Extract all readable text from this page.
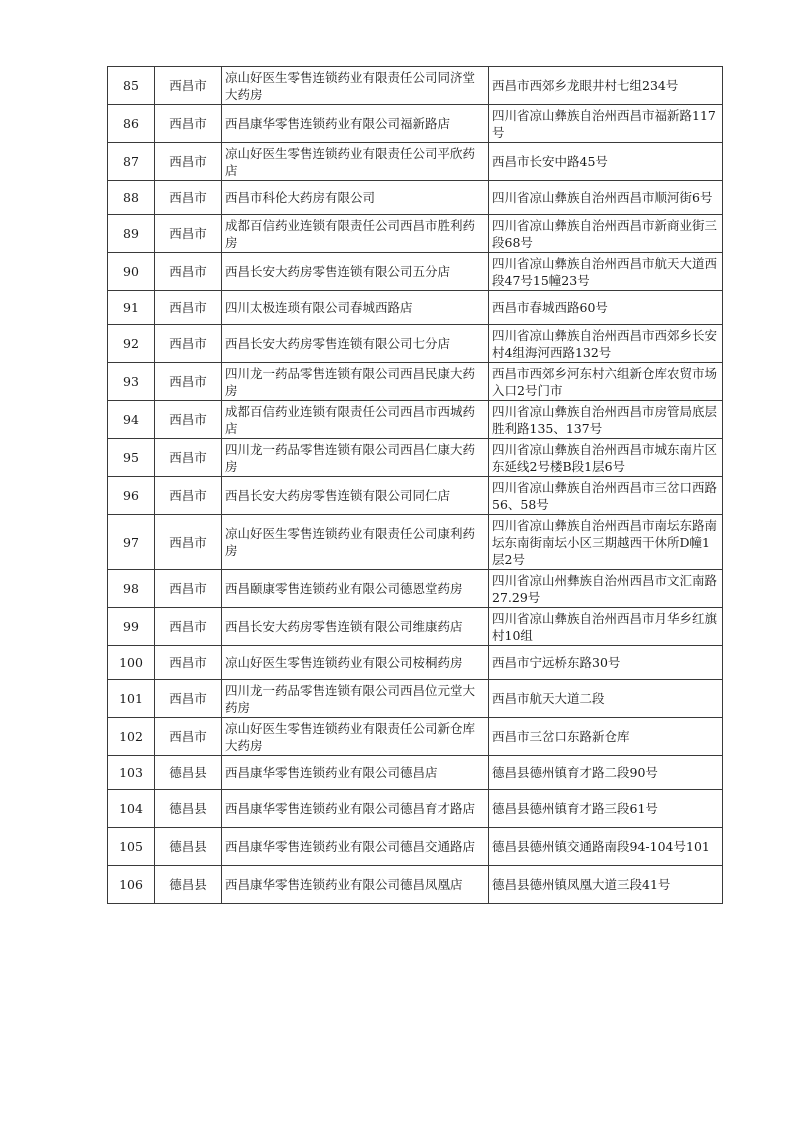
85	西昌市	凉山好医生零售连锁药业有限责任公司同济堂大药房	西昌市西郊乡龙眼井村七组234号
86	西昌市	西昌康华零售连锁药业有限公司福新路店	四川省凉山彝族自治州西昌市福新路117号
87	西昌市	凉山好医生零售连锁药业有限责任公司平欣药店	西昌市长安中路45号
88	西昌市	西昌市科伦大药房有限公司	四川省凉山彝族自治州西昌市顺河街6号
89	西昌市	成都百信药业连锁有限责任公司西昌市胜利药房	四川省凉山彝族自治州西昌市新商业街三段68号
90	西昌市	西昌长安大药房零售连锁有限公司五分店	四川省凉山彝族自治州西昌市航天大道西段47号15幢23号
91	西昌市	四川太极连琐有限公司春城西路店	西昌市春城西路60号
92	西昌市	西昌长安大药房零售连锁有限公司七分店	四川省凉山彝族自治州西昌市西郊乡长安村4组海河西路132号
93	西昌市	四川龙一药品零售连锁有限公司西昌民康大药房	西昌市西郊乡河东村六组新仓库农贸市场入口2号门市
94	西昌市	成都百信药业连锁有限责任公司西昌市西城药店	四川省凉山彝族自治州西昌市房管局底层胜利路135、137号
95	西昌市	四川龙一药品零售连锁有限公司西昌仁康大药房	四川省凉山彝族自治州西昌市城东南片区东延线2号楼B段1层6号
96	西昌市	西昌长安大药房零售连锁有限公司同仁店	四川省凉山彝族自治州西昌市三岔口西路56、58号
97	西昌市	凉山好医生零售连锁药业有限责任公司康利药房	四川省凉山彝族自治州西昌市南坛东路南坛东南街南坛小区三期越西干休所D幢1层2号
98	西昌市	西昌颐康零售连锁药业有限公司德恩堂药房	四川省凉山州彝族自治州西昌市文汇南路27.29号
99	西昌市	西昌长安大药房零售连锁有限公司维康药店	四川省凉山彝族自治州西昌市月华乡红旗村10组
100	西昌市	凉山好医生零售连锁药业有限公司桉桐药房	西昌市宁远桥东路30号
101	西昌市	四川龙一药品零售连锁有限公司西昌位元堂大药房	西昌市航天大道二段
102	西昌市	凉山好医生零售连锁药业有限责任公司新仓库大药房	西昌市三岔口东路新仓库
103	德昌县	西昌康华零售连锁药业有限公司德昌店	德昌县德州镇育才路二段90号
104	德昌县	西昌康华零售连锁药业有限公司德昌育才路店	德昌县德州镇育才路三段61号
105	德昌县	西昌康华零售连锁药业有限公司德昌交通路店	德昌县德州镇交通路南段94-104号101
106	德昌县	西昌康华零售连锁药业有限公司德昌凤凰店	德昌县德州镇凤凰大道三段41号
